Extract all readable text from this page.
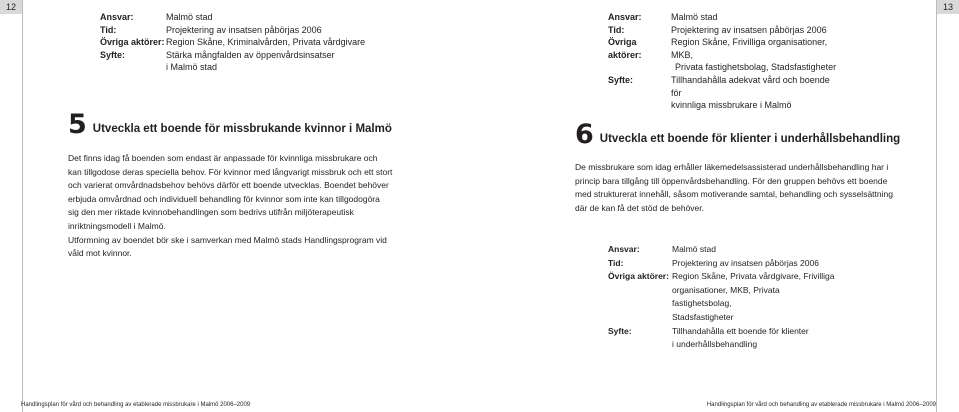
12	13
Ansvar:	Malmö stad
Tid:	Projektering av insatsen påbörjas 2006
Övriga aktörer: Region Skåne, Kriminalvården, Privata vårdgivare
Syfte:	Stärka mångfalden av öppenvårdsinsatser
i Malmö stad
5 Utveckla ett boende för missbrukande kvinnor i Malmö

Det finns idag få boenden som endast är anpassade för kvinnliga missbrukare och kan tillgodose deras speciella behov. För kvinnor med långvarigt missbruk och ett stort och varierat omvårdnadsbehov behövs därför ett boende utvecklas. Boendet behöver erbjuda omvårdnad och individuell behandling för kvinnor som inte kan tillgodogöra sig den mer riktade kvinnobehandlingen som bedrivs utifrån miljöterapeutisk inriktningsmodell i Malmö.

Utformning av boendet bör ske i samverkan med Malmö stads Handlingsprogram vid våld mot kvinnor.

Handlingsplan för vård och behandling av etablerade missbrukare i Malmö 2006–2009
Ansvar:	Malmö stad
Tid:	Projektering av insatsen påbörjas 2006
Övriga aktörer:
Region Skåne, Frivilliga organisationer, MKB,
Privata fastighetsbolag, Stadsfastigheter
Syfte:	Tillhandahålla adekvat vård och boende för
kvinnliga missbrukare i Malmö
6 Utveckla ett boende för klienter i underhållsbehandling

De missbrukare som idag erhåller läkemedelsassisterad underhållsbehandling har i princip bara tillgång till öppenvårdsbehandling. För den gruppen behövs ett boende med strukturerat innehåll, såsom motiverande samtal, behandling och sysselsättning där de kan få det stöd de behöver.

Ansvar:	Malmö stad
Tid:	Projektering av insatsen påbörjas 2006
Övriga aktörer: Region Skåne, Privata vårdgivare, Frivilliga
organisationer, MKB, Privata fastighetsbolag,
Stadsfastigheter
Syfte:	Tillhandahålla ett boende för klienter
i underhållsbehandling
Handlingsplan för vård och behandling av etablerade missbrukare i Malmö 2006–2009
